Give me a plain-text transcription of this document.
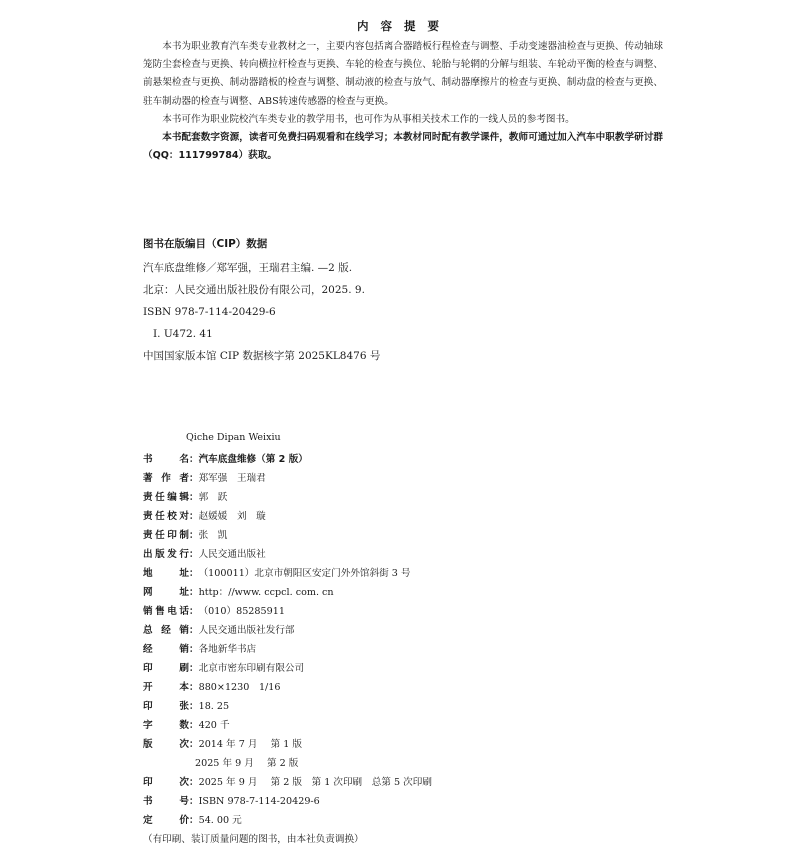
内 容 提 要
本书为职业教育汽车类专业教材之一，主要内容包括离合器踏板行程检查与调整、手动变速器油检查与更换、传动轴球笼防尘套检查与更换、转向横拉杆检查与更换、车轮的检查与换位、轮胎与轮辋的分解与组装、车轮动平衡的检查与调整、前悬架检查与更换、制动器踏板的检查与调整、制动液的检查与放气、制动器摩擦片的检查与更换、制动盘的检查与更换、驻车制动器的检查与调整、ABS转速传感器的检查与更换。

本书可作为职业院校汽车类专业的教学用书，也可作为从事相关技术工作的一线人员的参考图书。

本书配套数字资源，读者可免费扫码观看和在线学习；本教材同时配有教学课件，教师可通过加入汽车中职教学研讨群（QQ：111799784）获取。

图书在版编目（CIP）数据
汽车底盘维修／郑军强，王瑞君主编. —2 版.
北京：人民交通出版社股份有限公司，2025. 9.
ISBN 978-7-114-20429-6
Ⅰ. U472. 41
中国国家版本馆 CIP 数据核字第 2025KL8476 号
Qiche Dipan Weixiu
书名：汽车底盘维修（第 2 版）
著作者：郑军强　王瑞君
责任编辑：郭　跃
责任校对：赵媛媛　刘　璇
责任印制：张　凯
出版发行：人民交通出版社
地址：（100011）北京市朝阳区安定门外外馆斜街 3 号
网址：http：//www. ccpcl. com. cn
销售电话：（010）85285911
总经销：人民交通出版社发行部
经销：各地新华书店
印刷：北京市密东印刷有限公司
开本：880×1230　1/16
印张：18. 25
字数：420 千
版次：2014 年 7 月 第 1 版
2025 年 9 月 第 2 版
印次：2025 年 9 月 第 2 版　第 1 次印刷　总第 5 次印刷
书号：ISBN 978-7-114-20429-6
定价：54. 00 元
（有印刷、装订质量问题的图书，由本社负责调换）
